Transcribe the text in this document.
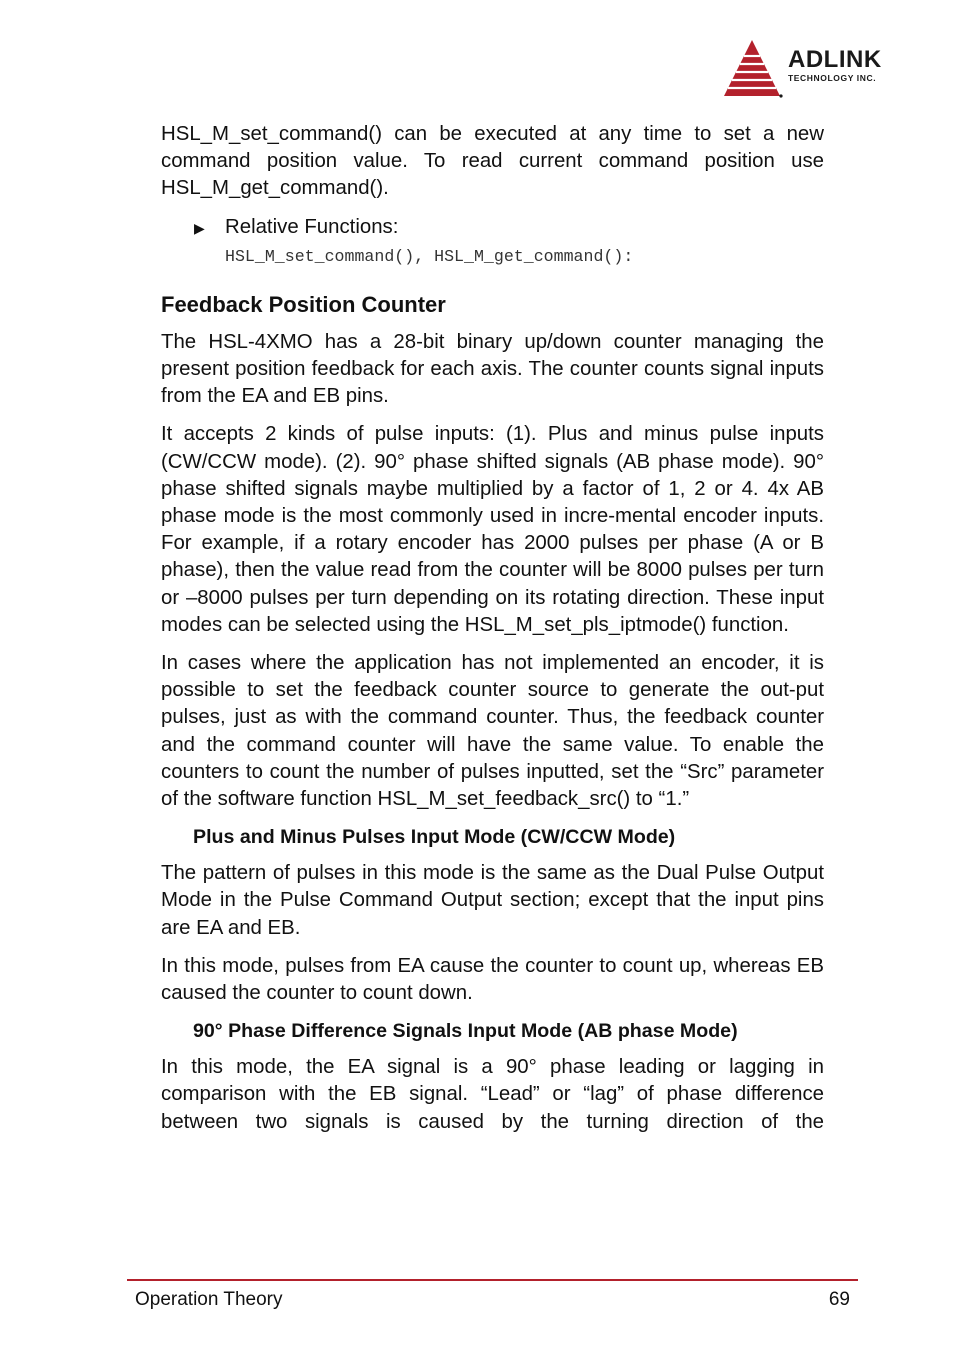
ADLINK
TECHNOLOGY INC.

HSL_M_set_command() can be executed at any time to set a new command position value. To read current command position use HSL_M_get_command().

▶ Relative Functions:
HSL_M_set_command(), HSL_M_get_command():
Feedback Position Counter

The HSL-4XMO has a 28-bit binary up/down counter managing the present position feedback for each axis. The counter counts signal inputs from the EA and EB pins.

It accepts 2 kinds of pulse inputs: (1). Plus and minus pulse inputs (CW/CCW mode). (2). 90° phase shifted signals (AB phase mode). 90° phase shifted signals maybe multiplied by a factor of 1, 2 or 4. 4x AB phase mode is the most commonly used in incre-mental encoder inputs. For example, if a rotary encoder has 2000 pulses per phase (A or B phase), then the value read from the counter will be 8000 pulses per turn or –8000 pulses per turn depending on its rotating direction. These input modes can be selected using the HSL_M_set_pls_iptmode() function.

In cases where the application has not implemented an encoder, it is possible to set the feedback counter source to generate the out-put pulses, just as with the command counter. Thus, the feedback counter and the command counter will have the same value. To enable the counters to count the number of pulses inputted, set the “Src” parameter of the software function HSL_M_set_feedback_src() to “1.”

Plus and Minus Pulses Input Mode (CW/CCW Mode)

The pattern of pulses in this mode is the same as the Dual Pulse Output Mode in the Pulse Command Output section; except that the input pins are EA and EB.

In this mode, pulses from EA cause the counter to count up, whereas EB caused the counter to count down.

90° Phase Difference Signals Input Mode (AB phase Mode)

In this mode, the EA signal is a 90° phase leading or lagging in comparison with the EB signal. “Lead” or “lag” of phase difference between two signals is caused by the turning direction of the

Operation Theory	69
